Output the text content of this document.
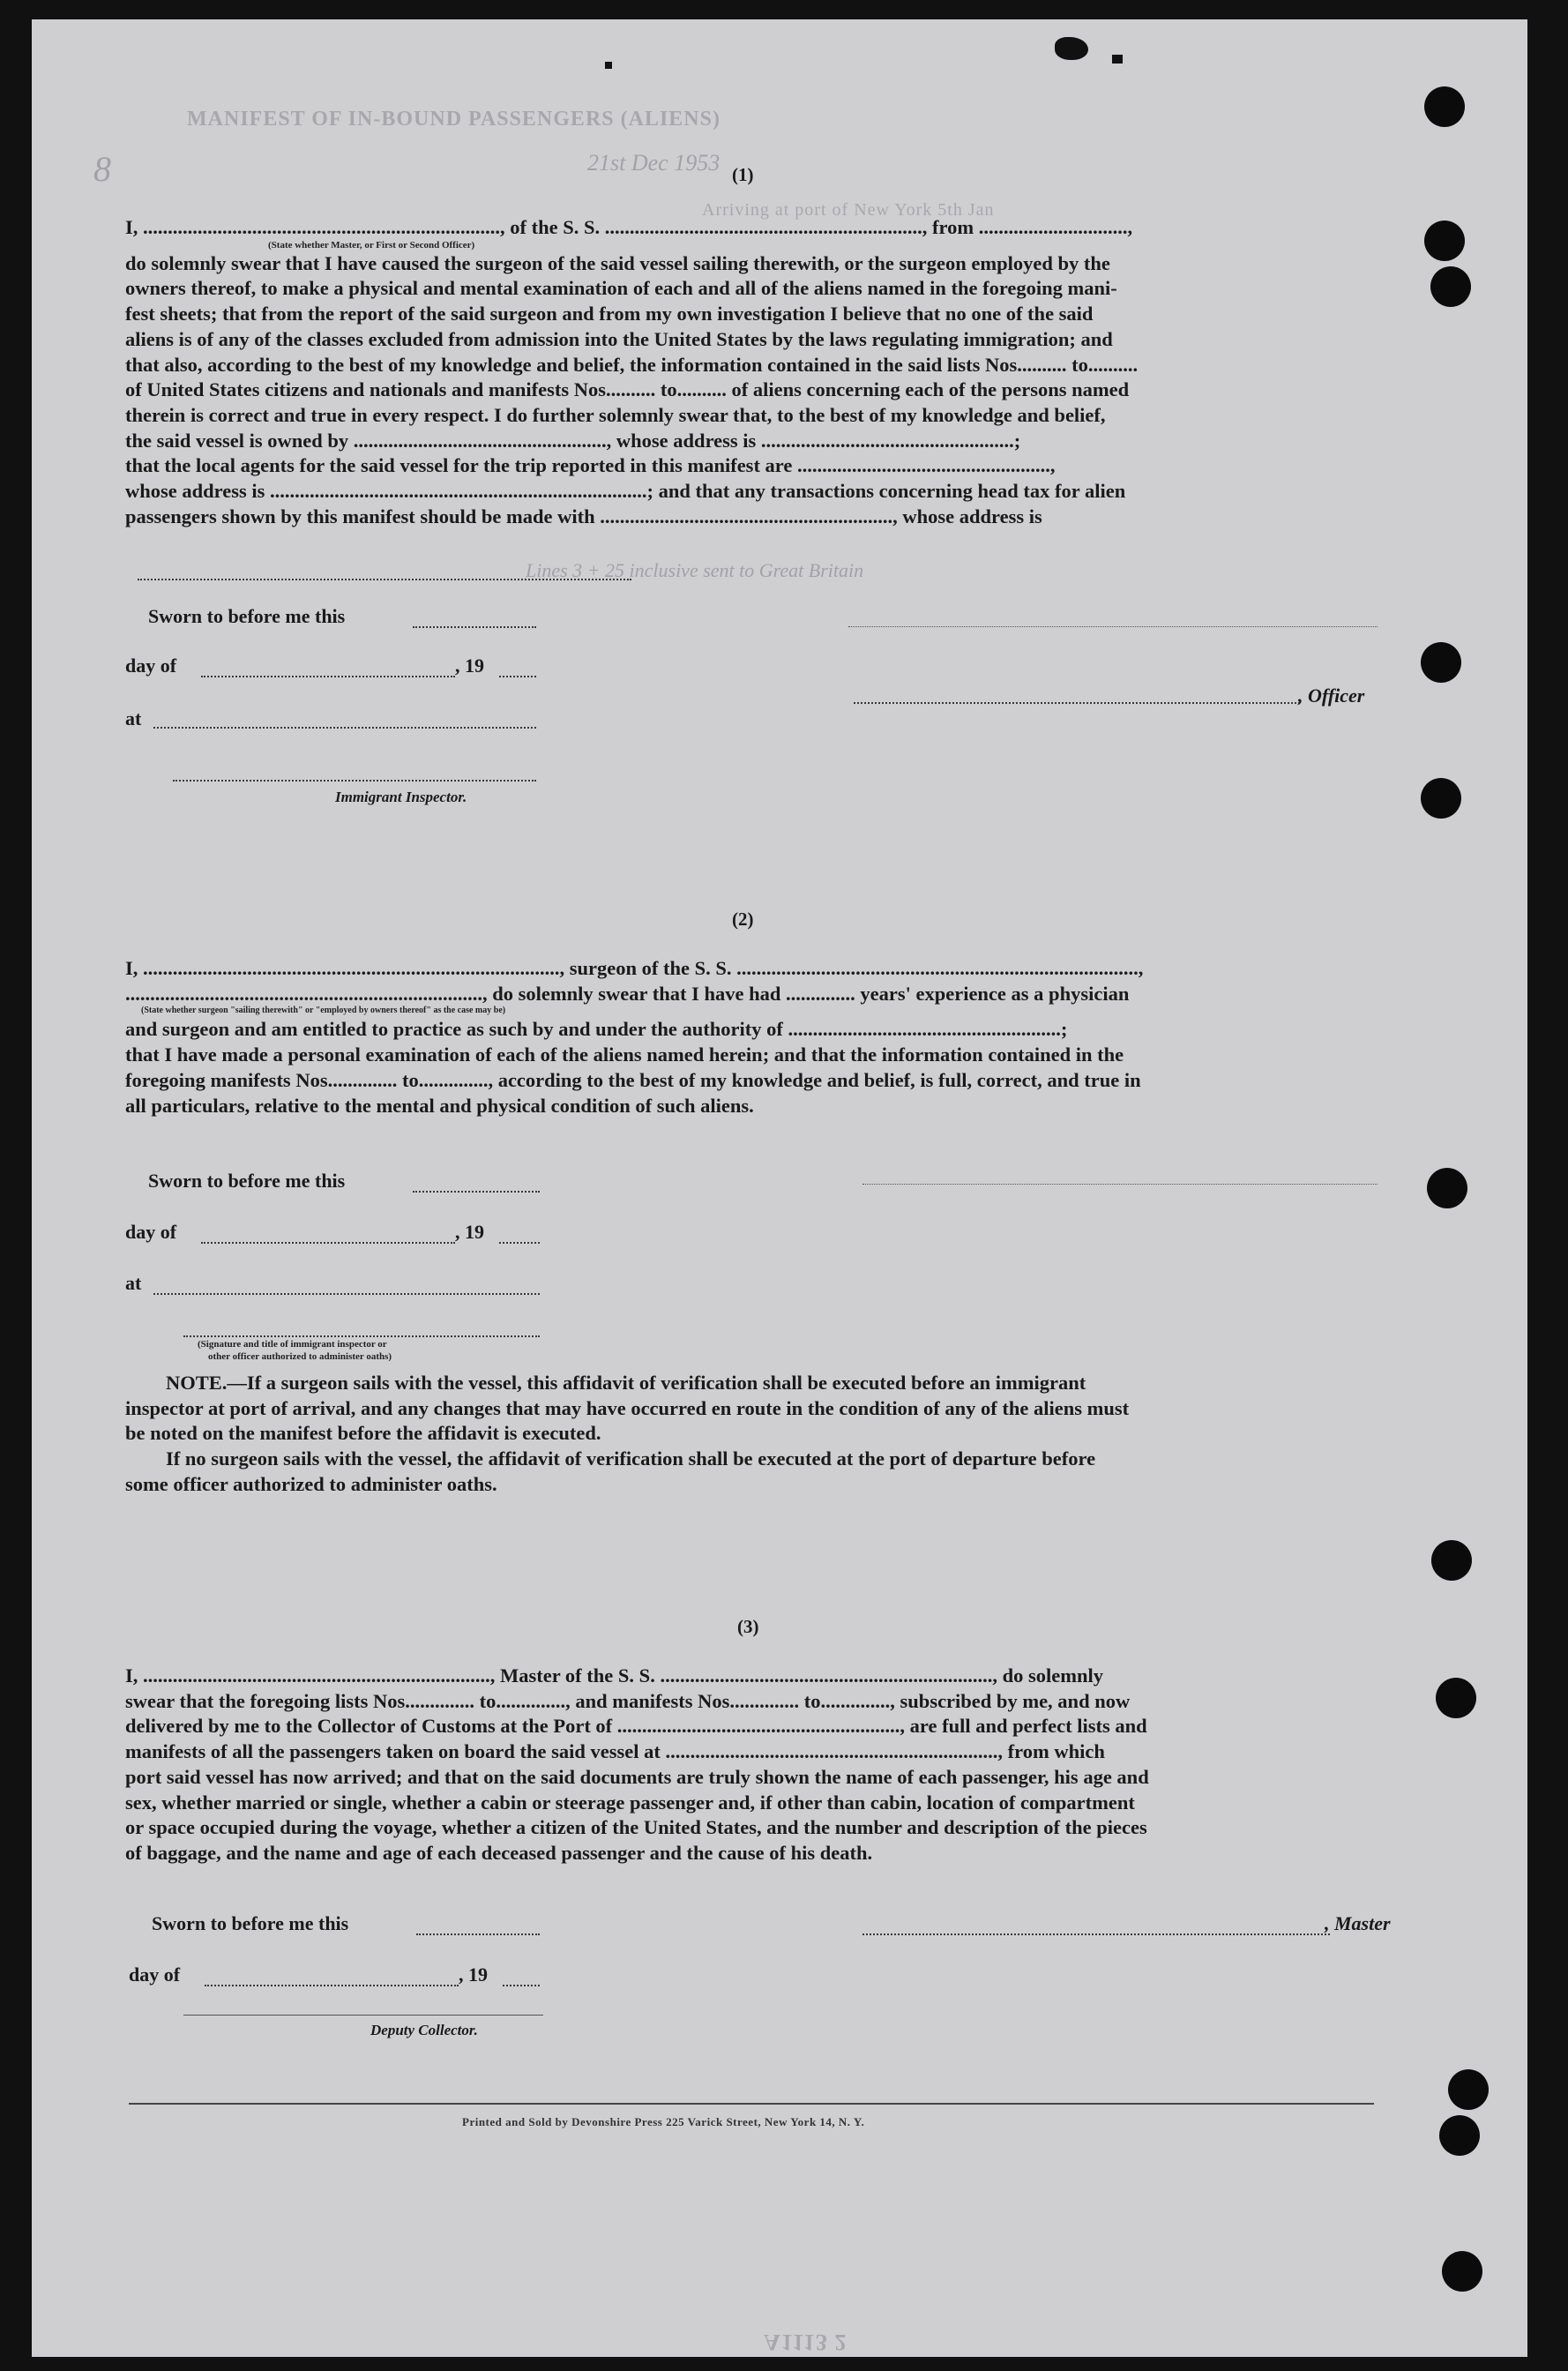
MANIFEST OF IN-BOUND PASSENGERS (ALIENS)
8	21st Dec 1953
Arriving at port of New York 5th Jan
Lines 3 + 25 inclusive sent to Great Britain
(1)
I, ........................................................................, of the S. S. ................................................................, from ..............................,
do solemnly swear that I have caused the surgeon of the said vessel sailing therewith, or the surgeon employed by the
owners thereof, to make a physical and mental examination of each and all of the aliens named in the foregoing mani-
fest sheets; that from the report of the said surgeon and from my own investigation I believe that no one of the said
aliens is of any of the classes excluded from admission into the United States by the laws regulating immigration; and
that also, according to the best of my knowledge and belief, the information contained in the said lists Nos.......... to..........
of United States citizens and nationals and manifests Nos.......... to.......... of aliens concerning each of the persons named
therein is correct and true in every respect. I do further solemnly swear that, to the best of my knowledge and belief,
the said vessel is owned by ..................................................., whose address is ...................................................;
that the local agents for the said vessel for the trip reported in this manifest are ...................................................,
whose address is ............................................................................; and that any transactions concerning head tax for alien
passengers shown by this manifest should be made with ..........................................................., whose address is
(State whether Master, or First or Second Officer)
Sworn to before me this
day of	, 19
, Officer
at
Immigrant Inspector.
(2)
I, ...................................................................................., surgeon of the S. S. .................................................................................,
........................................................................, do solemnly swear that I have had .............. years' experience as a physician
and surgeon and am entitled to practice as such by and under the authority of .......................................................;
that I have made a personal examination of each of the aliens named herein; and that the information contained in the
foregoing manifests Nos.............. to.............., according to the best of my knowledge and belief, is full, correct, and true in
all particulars, relative to the mental and physical condition of such aliens.
(State whether surgeon "sailing therewith" or "employed by owners thereof" as the case may be)
Sworn to before me this
day of	, 19
at
(Signature and title of immigrant inspector or
other officer authorized to administer oaths)
NOTE.—If a surgeon sails with the vessel, this affidavit of verification shall be executed before an immigrant
inspector at port of arrival, and any changes that may have occurred en route in the condition of any of the aliens must
be noted on the manifest before the affidavit is executed.
If no surgeon sails with the vessel, the affidavit of verification shall be executed at the port of departure before
some officer authorized to administer oaths.
(3)
I, ......................................................................, Master of the S. S. ..................................................................., do solemnly
swear that the foregoing lists Nos.............. to.............., and manifests Nos.............. to.............., subscribed by me, and now
delivered by me to the Collector of Customs at the Port of ........................................................., are full and perfect lists and
manifests of all the passengers taken on board the said vessel at ..................................................................., from which
port said vessel has now arrived; and that on the said documents are truly shown the name of each passenger, his age and
sex, whether married or single, whether a cabin or steerage passenger and, if other than cabin, location of compartment
or space occupied during the voyage, whether a citizen of the United States, and the number and description of the pieces
of baggage, and the name and age of each deceased passenger and the cause of his death.
Sworn to before me this	, Master
day of	, 19
Deputy Collector.
Printed and Sold by Devonshire Press 225 Varick Street, New York 14, N. Y.
A1113 2
